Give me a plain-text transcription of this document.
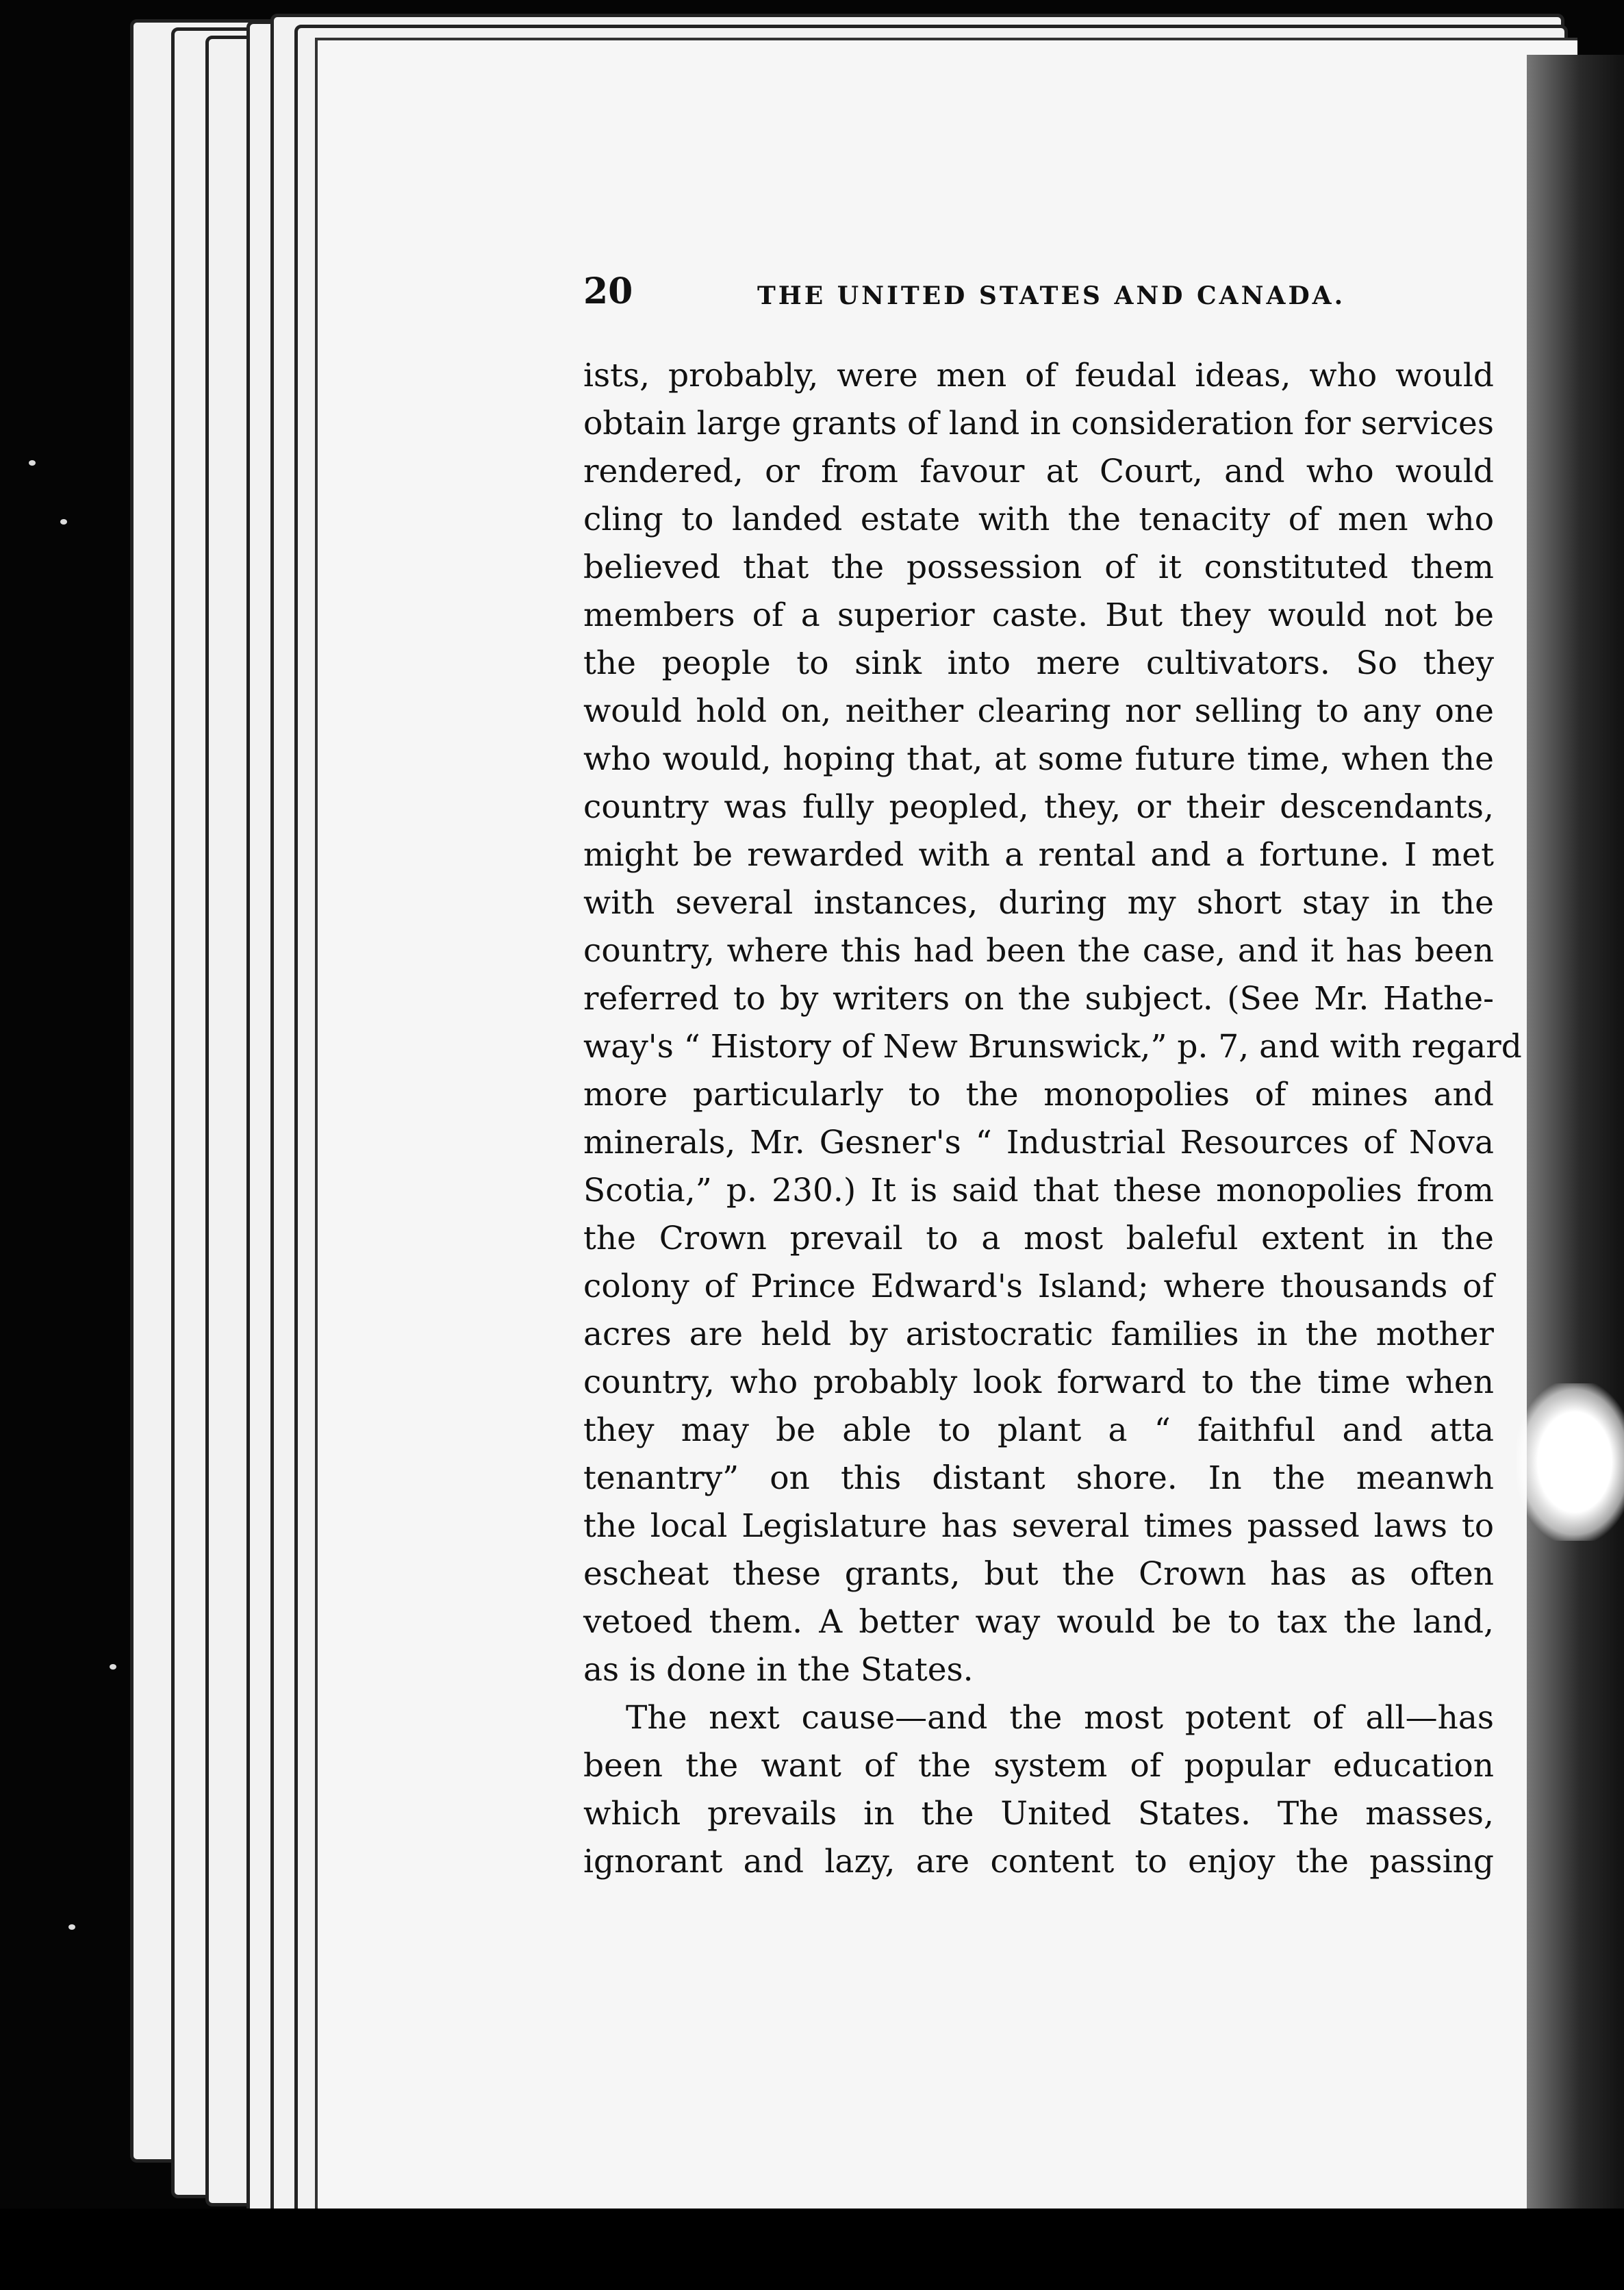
20	THE UNITED STATES AND CANADA.
ists, probably, were men of feudal ideas, who would
obtain large grants of land in consideration for services
rendered, or from favour at Court, and who would
cling to landed estate with the tenacity of men who
believed that the possession of it constituted them
members of a superior caste. But they would not be
the people to sink into mere cultivators. So they
would hold on, neither clearing nor selling to any one
who would, hoping that, at some future time, when the
country was fully peopled, they, or their descendants,
might be rewarded with a rental and a fortune. I met
with several instances, during my short stay in the
country, where this had been the case, and it has been
referred to by writers on the subject. (See Mr. Hathe-
way's “ History of New Brunswick,” p. 7, and with regard
more particularly to the monopolies of mines and
minerals, Mr. Gesner's “ Industrial Resources of Nova
Scotia,” p. 230.) It is said that these monopolies from
the Crown prevail to a most baleful extent in the
colony of Prince Edward's Island; where thousands of
acres are held by aristocratic families in the mother
country, who probably look forward to the time when
they may be able to plant a “ faithful and atta
tenantry” on this distant shore. In the meanwh
the local Legislature has several times passed laws to
escheat these grants, but the Crown has as often
vetoed them. A better way would be to tax the land,
as is done in the States.
The next cause—and the most potent of all—has
been the want of the system of popular education
which prevails in the United States. The masses,
ignorant and lazy, are content to enjoy the passing
